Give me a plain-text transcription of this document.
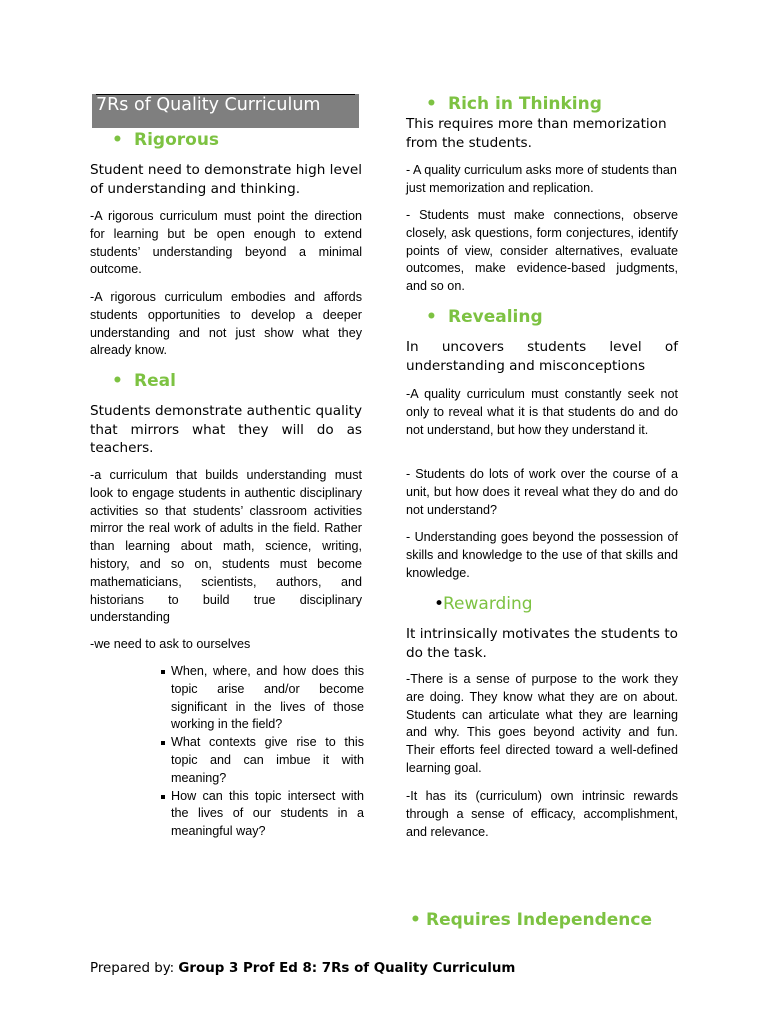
7Rs of Quality Curriculum
• Rigorous

Student need to demonstrate high level of understanding and thinking.

-A rigorous curriculum must point the direction for learning but be open enough to extend students’ understanding beyond a minimal outcome.

-A rigorous curriculum embodies and affords students opportunities to develop a deeper understanding and not just show what they already know.

• Real

Students demonstrate authentic quality that mirrors what they will do as teachers.

-a curriculum that builds understanding must look to engage students in authentic disciplinary activities so that students’ classroom activities mirror the real work of adults in the field. Rather than learning about math, science, writing, history, and so on, students must become mathematicians, scientists, authors, and historians to build true disciplinary understanding

-we need to ask to ourselves

When, where, and how does this topic arise and/or become significant in the lives of those working in the field?
What contexts give rise to this topic and can imbue it with meaning?
How can this topic intersect with the lives of our students in a meaningful way?
• Rich in Thinking

This requires more than memorization from the students.

- A quality curriculum asks more of students than just memorization and replication.

- Students must make connections, observe closely, ask questions, form conjectures, identify points of view, consider alternatives, evaluate outcomes, make evidence-based judgments, and so on.

• Revealing

In uncovers students level of understanding and misconceptions

-A quality curriculum must constantly seek not only to reveal what it is that students do and do not understand, but how they understand it.

- Students do lots of work over the course of a unit, but how does it reveal what they do and do not understand?

- Understanding goes beyond the possession of skills and knowledge to the use of that skills and knowledge.

•Rewarding

It intrinsically motivates the students to do the task.

-There is a sense of purpose to the work they are doing. They know what they are on about. Students can articulate what they are learning and why. This goes beyond activity and fun. Their efforts feel directed toward a well-defined learning goal.

-It has its (curriculum) own intrinsic rewards through a sense of efficacy, accomplishment, and relevance.

• Requires Independence
Prepared by: Group 3 Prof Ed 8: 7Rs of Quality Curriculum
